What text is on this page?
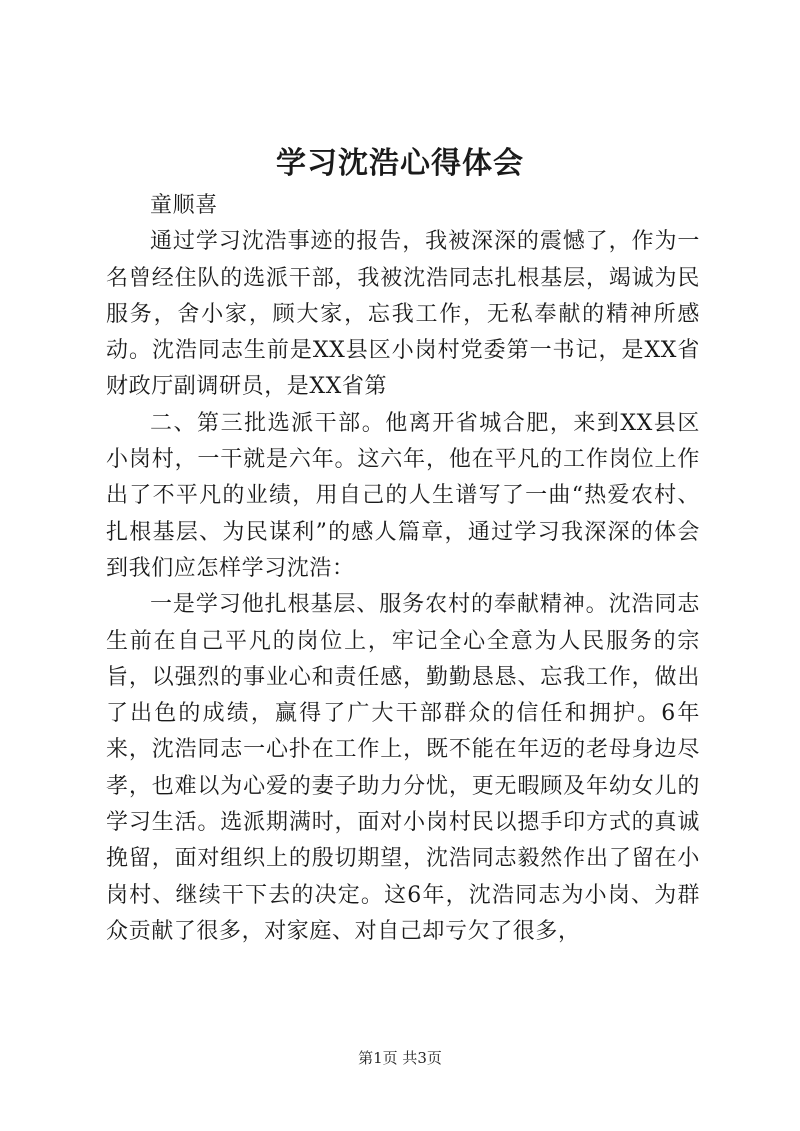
学习沈浩心得体会

童顺喜

通过学习沈浩事迹的报告，我被深深的震憾了，作为一名曾经住队的选派干部，我被沈浩同志扎根基层，竭诚为民服务，舍小家，顾大家，忘我工作，无私奉献的精神所感动。沈浩同志生前是XX县区小岗村党委第一书记，是XX省财政厅副调研员，是XX省第

二、第三批选派干部。他离开省城合肥，来到XX县区小岗村，一干就是六年。这六年，他在平凡的工作岗位上作出了不平凡的业绩，用自己的人生谱写了一曲“热爱农村、扎根基层、为民谋利”的感人篇章，通过学习我深深的体会到我们应怎样学习沈浩：

一是学习他扎根基层、服务农村的奉献精神。沈浩同志生前在自己平凡的岗位上，牢记全心全意为人民服务的宗旨，以强烈的事业心和责任感，勤勤恳恳、忘我工作，做出了出色的成绩，赢得了广大干部群众的信任和拥护。6年来，沈浩同志一心扑在工作上，既不能在年迈的老母身边尽孝，也难以为心爱的妻子助力分忧，更无暇顾及年幼女儿的学习生活。选派期满时，面对小岗村民以摁手印方式的真诚挽留，面对组织上的殷切期望，沈浩同志毅然作出了留在小岗村、继续干下去的决定。这6年，沈浩同志为小岗、为群众贡献了很多，对家庭、对自己却亏欠了很多，

第1页 共3页
